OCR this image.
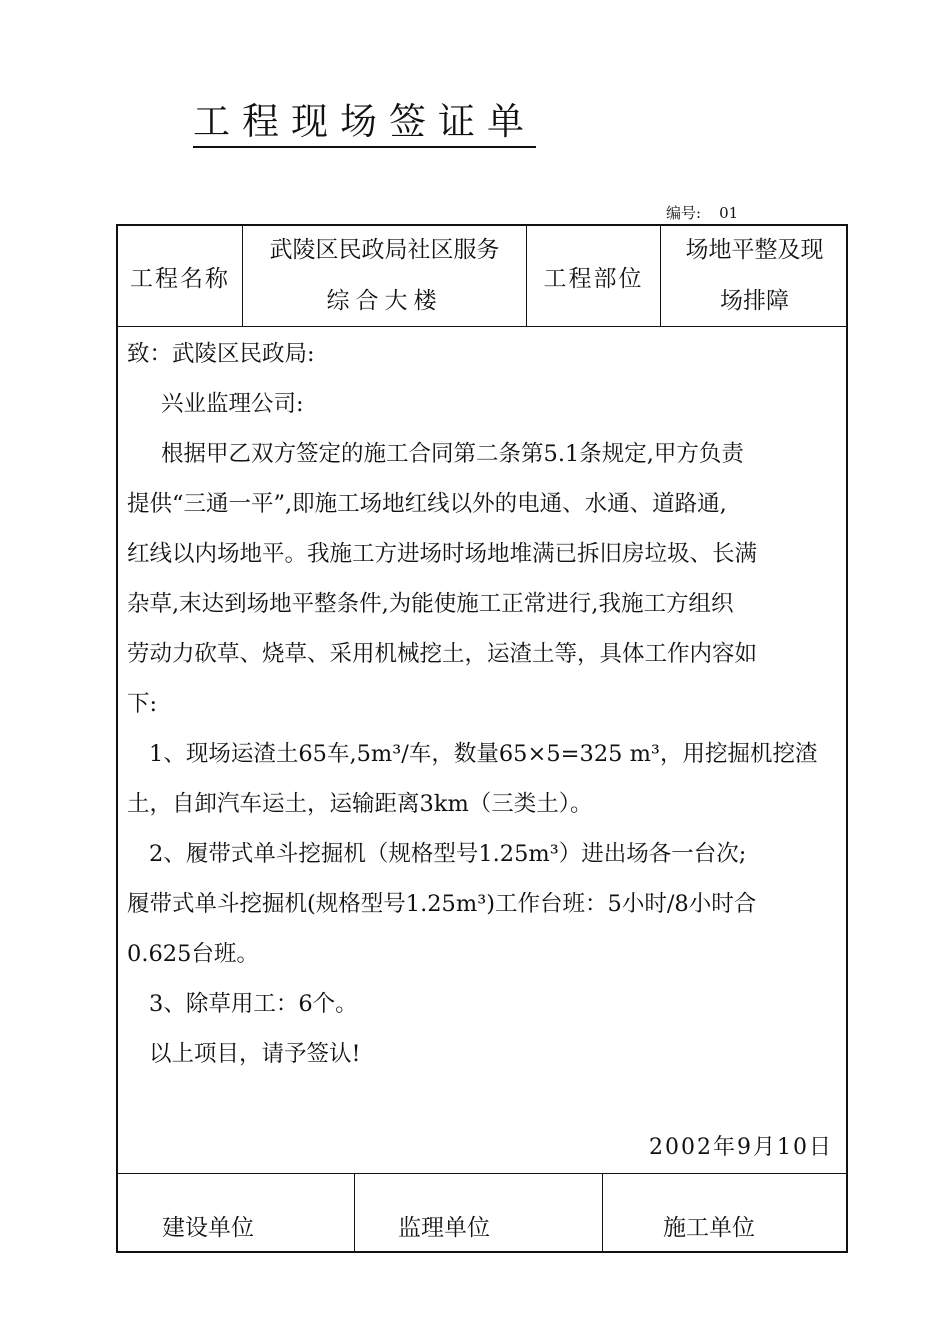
工程现场签证单
编号: 01
工程名称
武陵区民政局社区服务
综合大楼
工程部位
场地平整及现
场排障

致：武陵区民政局:

兴业监理公司:

根据甲乙双方签定的施工合同第二条第5.1条规定,甲方负责

提供“三通一平”,即施工场地红线以外的电通、水通、道路通,

红线以内场地平。我施工方进场时场地堆满已拆旧房垃圾、长满

杂草,末达到场地平整条件,为能使施工正常进行,我施工方组织

劳动力砍草、烧草、采用机械挖土，运渣土等，具体工作内容如

下:

1、现场运渣土65车,5m³/车，数量65×5=325 m³，用挖掘机挖渣

土，自卸汽车运土，运输距离3km（三类土）。

2、履带式单斗挖掘机（规格型号1.25m³）进出场各一台次;

履带式单斗挖掘机(规格型号1.25m³)工作台班：5小时/8小时合

0.625台班。

3、除草用工：6个。

以上项目，请予签认!

2002年9月10日
建设单位	监理单位	施工单位
